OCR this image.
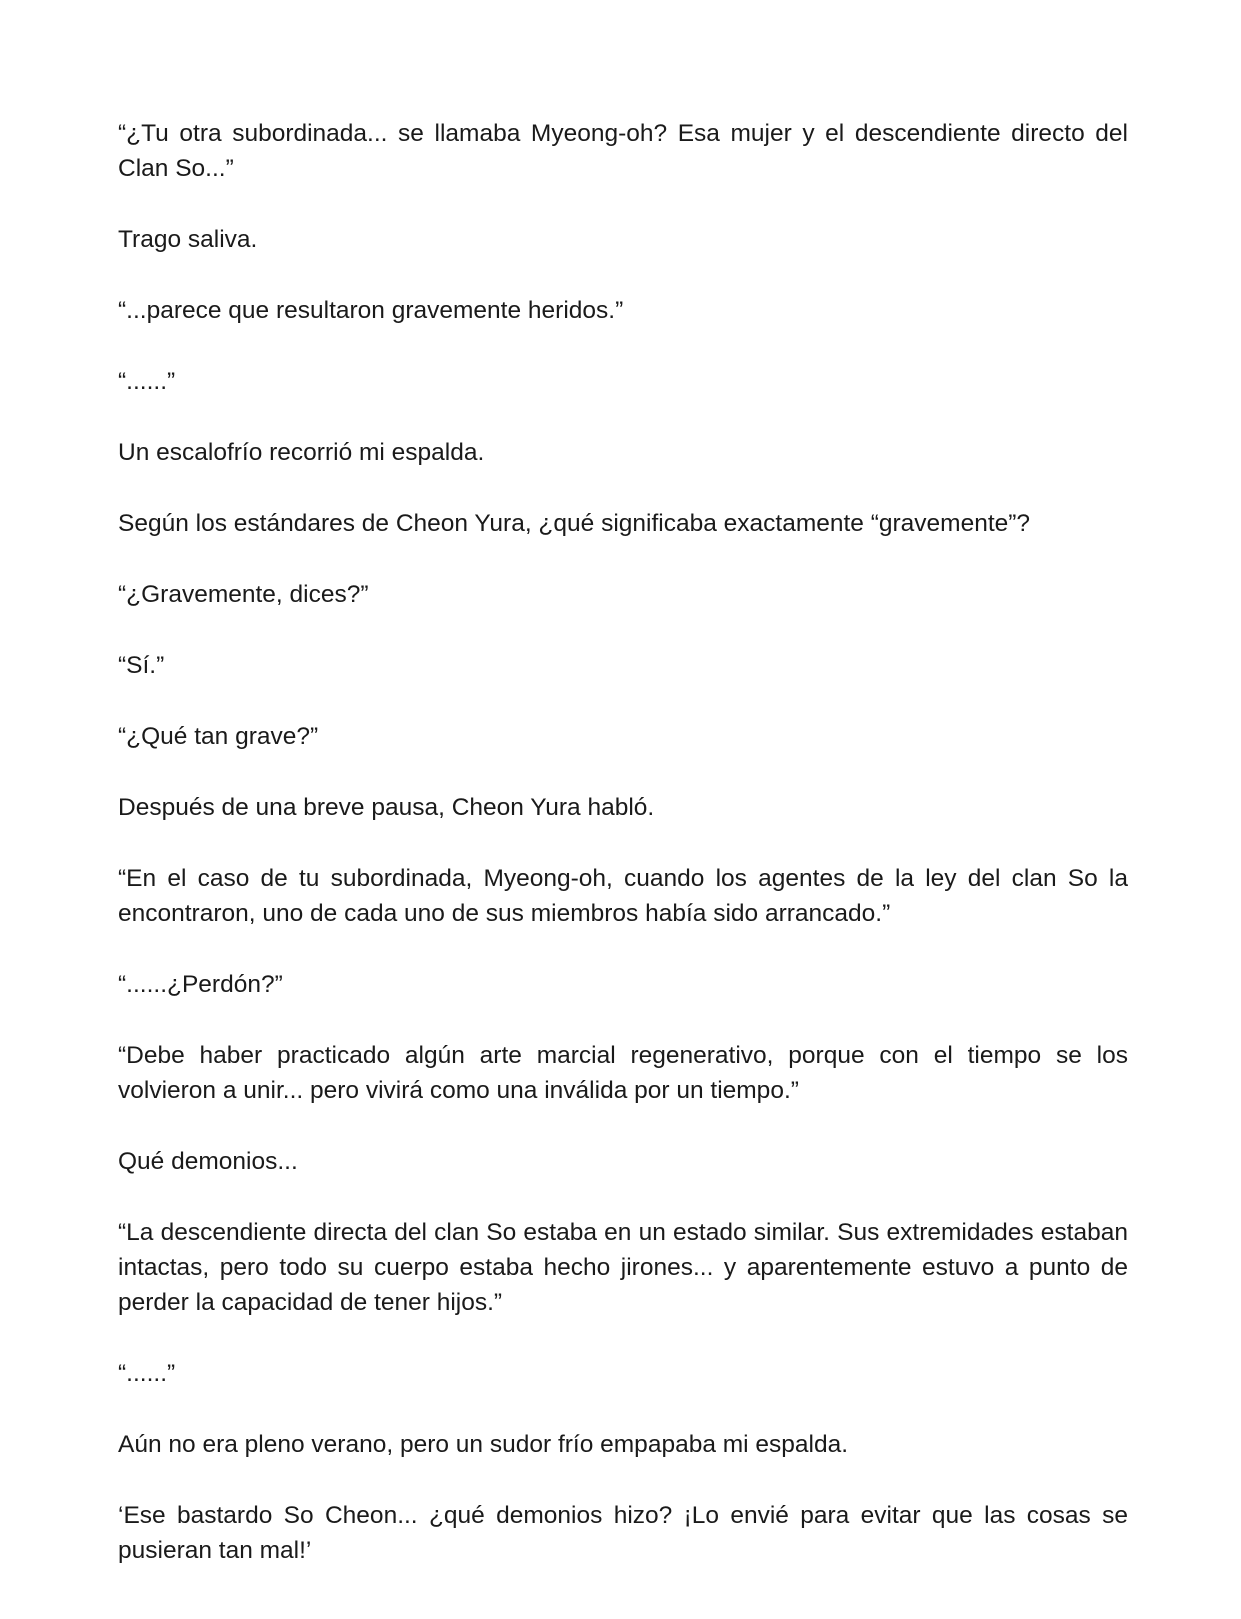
“¿Tu otra subordinada... se llamaba Myeong-oh? Esa mujer y el descendiente directo del Clan So...”

Trago saliva.

“...parece que resultaron gravemente heridos.”

“......”

Un escalofrío recorrió mi espalda.

Según los estándares de Cheon Yura, ¿qué significaba exactamente “gravemente”?

“¿Gravemente, dices?”

“Sí.”

“¿Qué tan grave?”

Después de una breve pausa, Cheon Yura habló.

“En el caso de tu subordinada, Myeong-oh, cuando los agentes de la ley del clan So la encontraron, uno de cada uno de sus miembros había sido arrancado.”

“......¿Perdón?”

“Debe haber practicado algún arte marcial regenerativo, porque con el tiempo se los volvieron a unir... pero vivirá como una inválida por un tiempo.”

Qué demonios...

“La descendiente directa del clan So estaba en un estado similar. Sus extremidades estaban intactas, pero todo su cuerpo estaba hecho jirones... y aparentemente estuvo a punto de perder la capacidad de tener hijos.”

“......”

Aún no era pleno verano, pero un sudor frío empapaba mi espalda.

‘Ese bastardo So Cheon... ¿qué demonios hizo? ¡Lo envié para evitar que las cosas se pusieran tan mal!’
